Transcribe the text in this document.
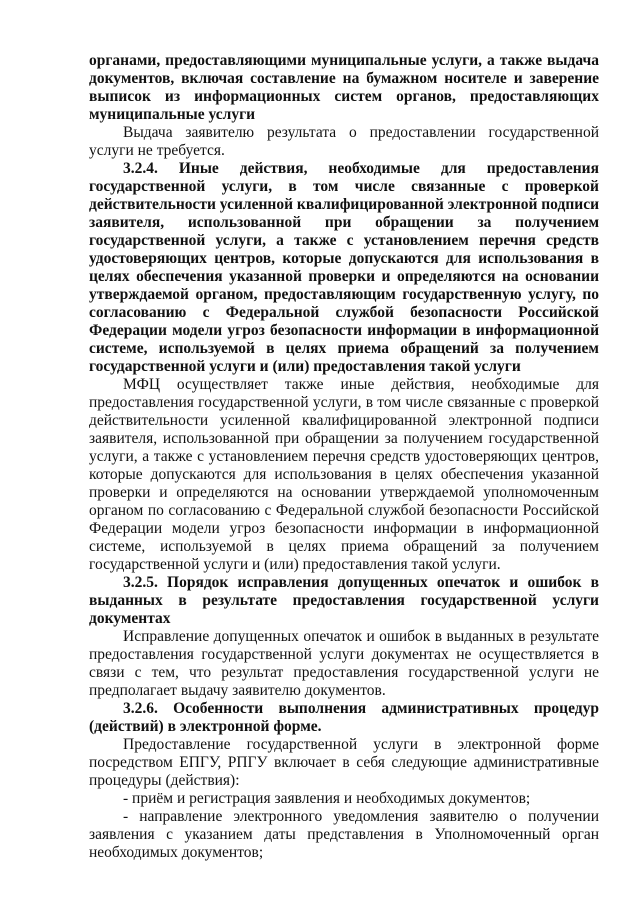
органами, предоставляющими муниципальные услуги, а также выдача документов, включая составление на бумажном носителе и заверение выписок из информационных систем органов, предоставляющих муниципальные услуги

Выдача заявителю результата о предоставлении государственной услуги не требуется.

3.2.4. Иные действия, необходимые для предоставления государственной услуги, в том числе связанные с проверкой действительности усиленной квалифицированной электронной подписи заявителя, использованной при обращении за получением государственной услуги, а также с установлением перечня средств удостоверяющих центров, которые допускаются для использования в целях обеспечения указанной проверки и определяются на основании утверждаемой органом, предоставляющим государственную услугу, по согласованию с Федеральной службой безопасности Российской Федерации модели угроз безопасности информации в информационной системе, используемой в целях приема обращений за получением государственной услуги и (или) предоставления такой услуги

МФЦ осуществляет также иные действия, необходимые для предоставления государственной услуги, в том числе связанные с проверкой действительности усиленной квалифицированной электронной подписи заявителя, использованной при обращении за получением государственной услуги, а также с установлением перечня средств удостоверяющих центров, которые допускаются для использования в целях обеспечения указанной проверки и определяются на основании утверждаемой уполномоченным органом по согласованию с Федеральной службой безопасности Российской Федерации модели угроз безопасности информации в информационной системе, используемой в целях приема обращений за получением государственной услуги и (или) предоставления такой услуги.

3.2.5. Порядок исправления допущенных опечаток и ошибок в выданных в результате предоставления государственной услуги документах

Исправление допущенных опечаток и ошибок в выданных в результате предоставления государственной услуги документах не осуществляется в связи с тем, что результат предоставления государственной услуги не предполагает выдачу заявителю документов.

3.2.6. Особенности выполнения административных процедур (действий) в электронной форме.

Предоставление государственной услуги в электронной форме посредством ЕПГУ, РПГУ включает в себя следующие административные процедуры (действия):

- приём и регистрация заявления и необходимых документов;

- направление электронного уведомления заявителю о получении заявления с указанием даты представления в Уполномоченный орган необходимых документов;
